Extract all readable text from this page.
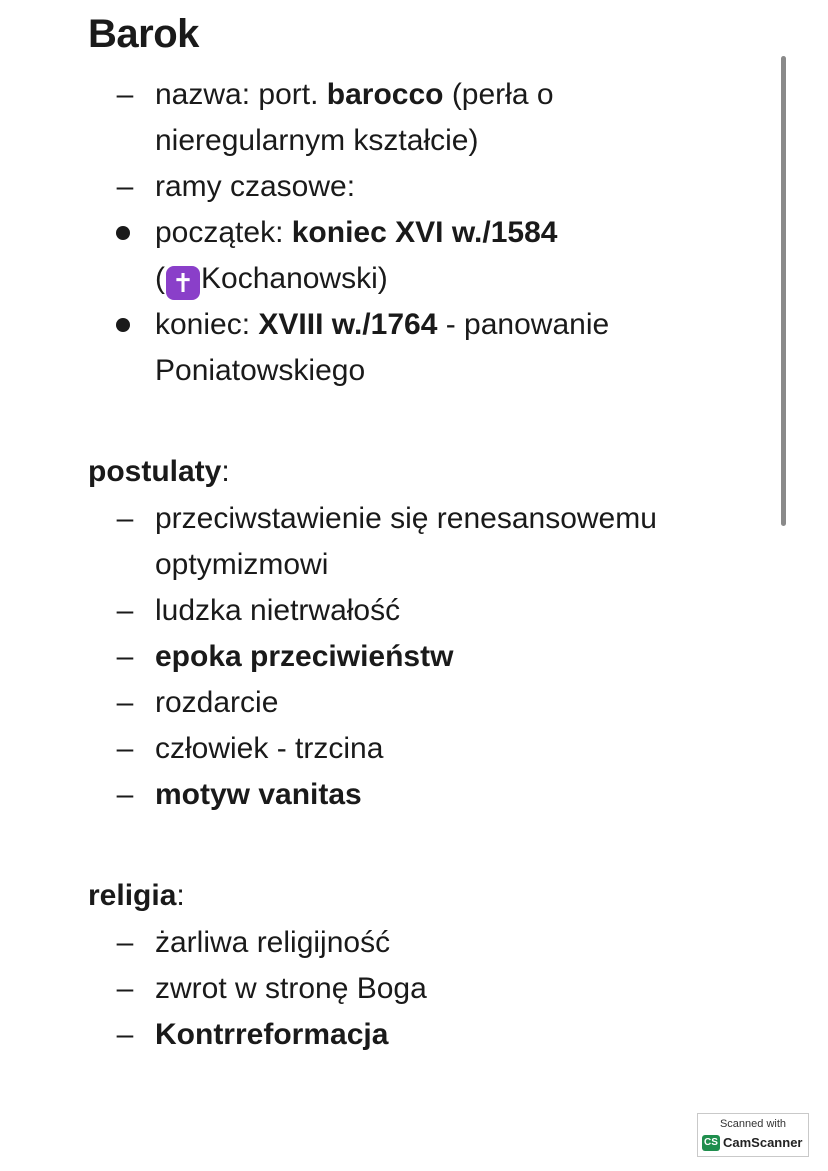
Barok
–
nazwa: port. barocco (perła o
nieregularnym kształcie)
–
ramy czasowe:
początek: koniec XVI w./1584
( ✝ Kochanowski)
koniec: XVIII w./1764 - panowanie
Poniatowskiego
postulaty:
–
przeciwstawienie się renesansowemu
optymizmowi
–
ludzka nietrwałość
–
epoka przeciwieństw
–
rozdarcie
–
człowiek - trzcina
–
motyw vanitas
religia:
–
żarliwa religijność
–
zwrot w stronę Boga
–
Kontrreformacja
Scanned with
CS CamScanner
